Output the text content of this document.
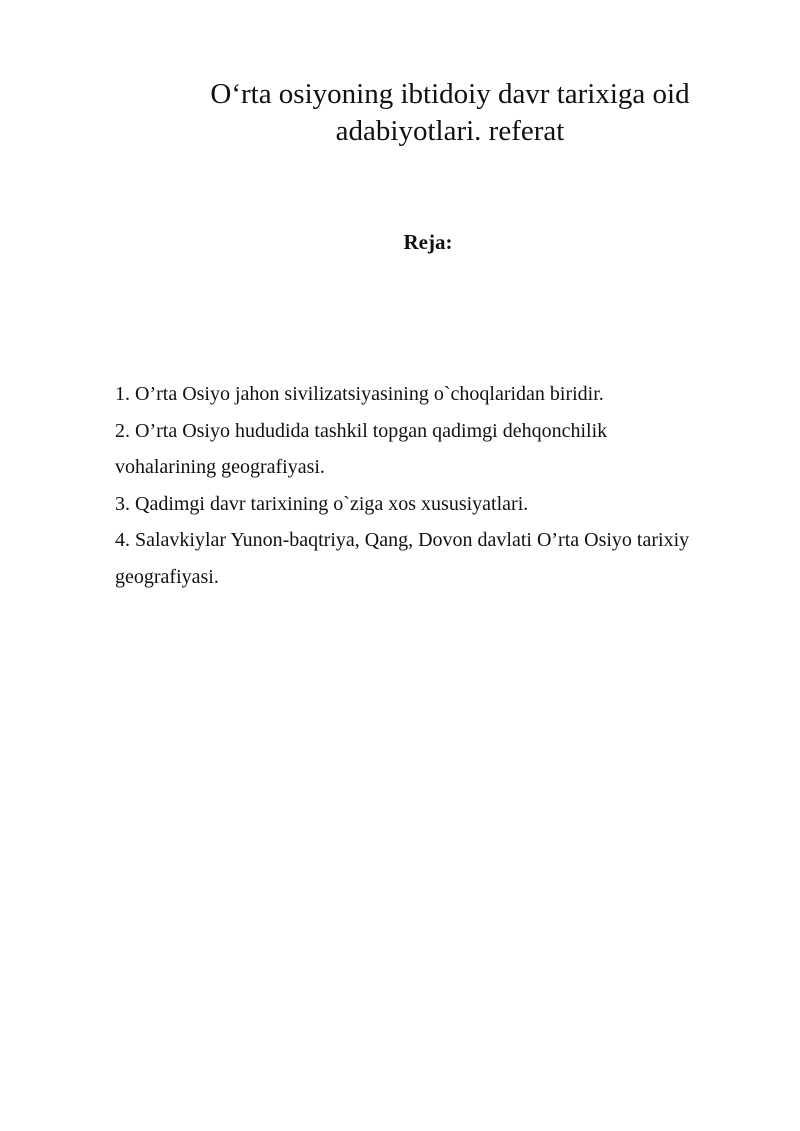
O‘rta osiyoning ibtidoiy davr tarixiga oid
adabiyotlari. referat
Reja:
1. O’rta Osiyo jahon sivilizatsiyasining o`choqlaridan biridir.
2. O’rta Osiyo hududida tashkil topgan qadimgi dehqonchilik
vohalarining geografiyasi.
3. Qadimgi davr tarixining o`ziga xos xususiyatlari.
4. Salavkiylar Yunon-baqtriya, Qang, Dovon davlati O’rta Osiyo tarixiy
geografiyasi.
